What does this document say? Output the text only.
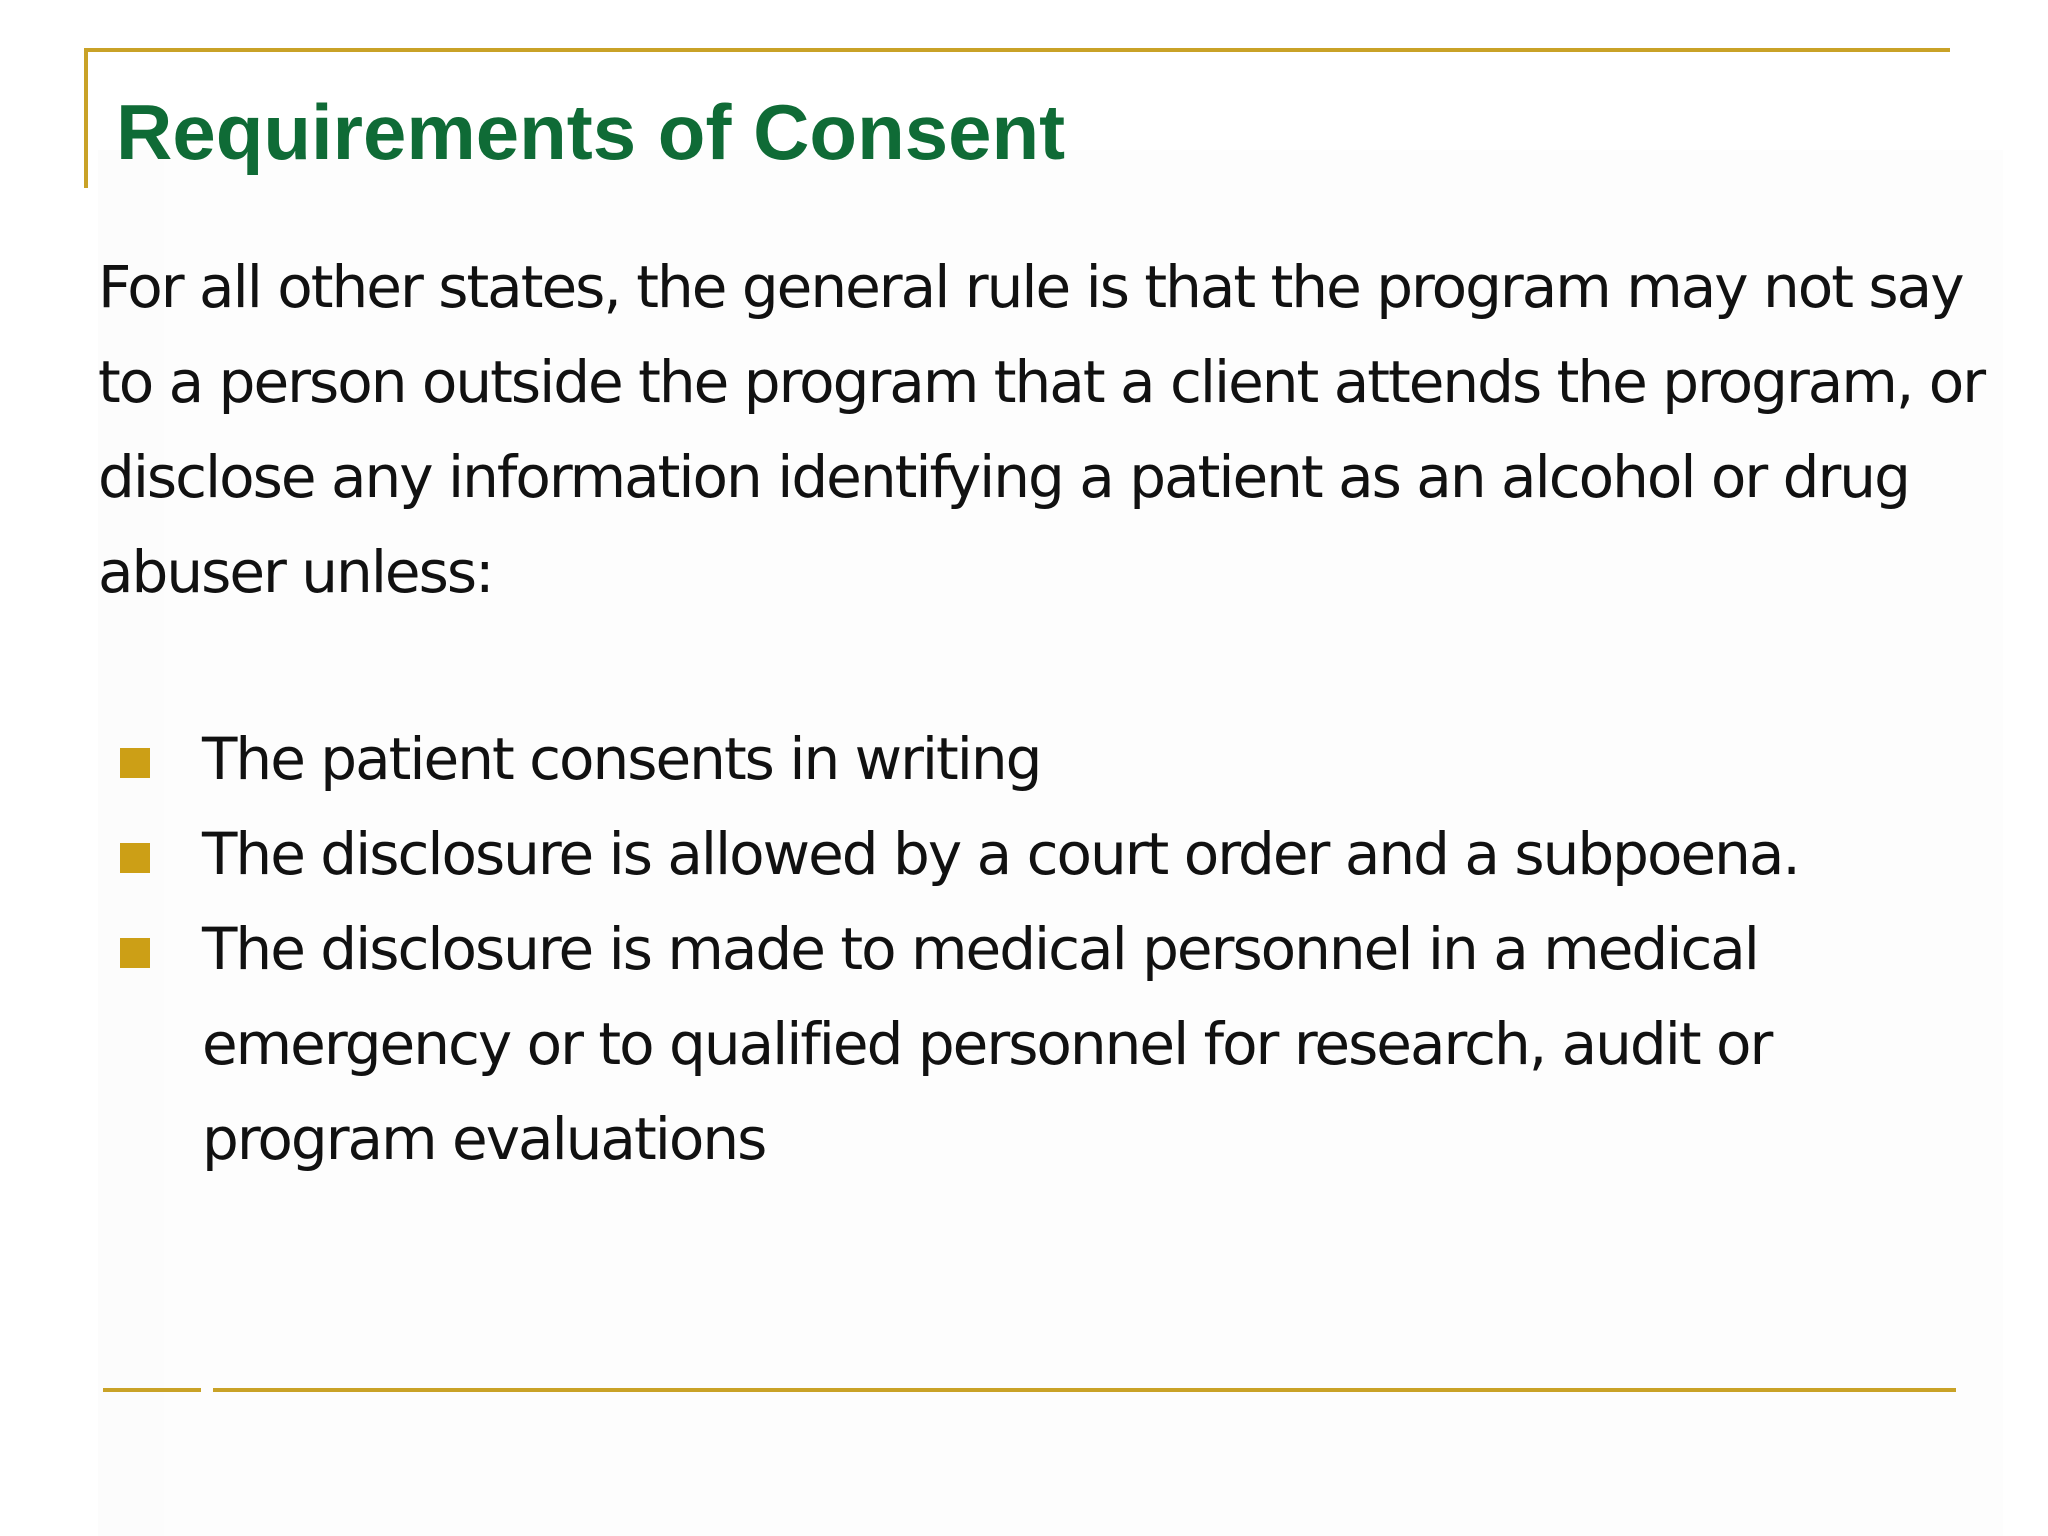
Requirements of Consent

For all other states, the general rule is that the program may not say to a person outside the program that a client attends the program, or disclose any information identifying a patient as an alcohol or drug abuser unless:

The patient consents in writing
The disclosure is allowed by a court order and a subpoena.
The disclosure is made to medical personnel in a medical emergency or to qualified personnel for research, audit or program evaluations
